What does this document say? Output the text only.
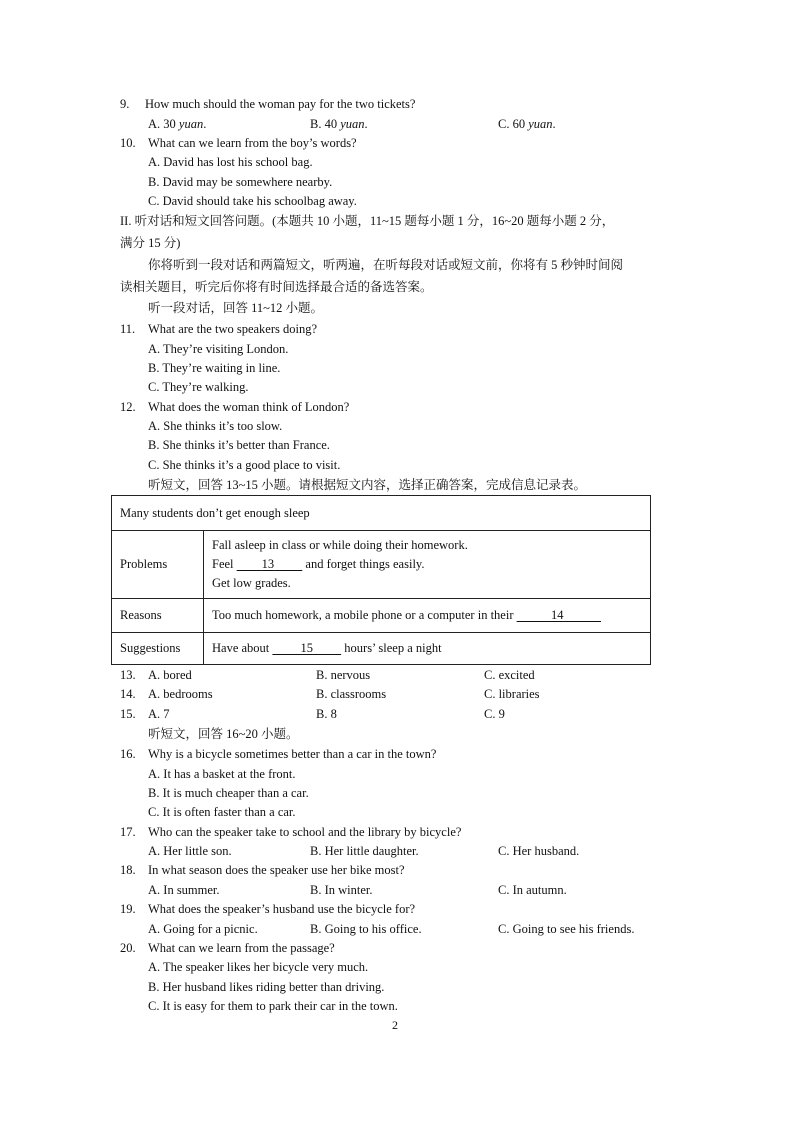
9. How much should the woman pay for the two tickets?
A. 30 yuan.	B. 40 yuan.	C. 60 yuan.
10. What can we learn from the boy’s words?
A. David has lost his school bag.
B. David may be somewhere nearby.
C. David should take his schoolbag away.
II. 听对话和短文回答问题。(本题共 10 小题，11~15 题每小题 1 分，16~20 题每小题 2 分，
满分 15 分)
你将听到一段对话和两篇短文，听两遍，在听每段对话或短文前，你将有 5 秒钟时间阅
读相关题目，听完后你将有时间选择最合适的备选答案。
听一段对话，回答 11~12 小题。
11. What are the two speakers doing?
A. They’re visiting London.
B. They’re waiting in line.
C. They’re walking.
12. What does the woman think of London?
A. She thinks it’s too slow.
B. She thinks it’s better than France.
C. She thinks it’s a good place to visit.
听短文，回答 13~15 小题。请根据短文内容，选择正确答案，完成信息记录表。
Many students don’t get enough sleep	
Problems	Fall asleep in class or while doing their homework.
Feel         13          and forget things easily.
Get low grades.

Reasons	Too much homework, a mobile phone or a computer in their 14
Suggestions	Have about          15          hours’ sleep a night
13. A. bored	B. nervous	C. excited
14. A. bedrooms	B. classrooms	C. libraries
15. A. 7	B. 8	C. 9
听短文，回答 16~20 小题。
16. Why is a bicycle sometimes better than a car in the town?
A. It has a basket at the front.
B. It is much cheaper than a car.
C. It is often faster than a car.
17. Who can the speaker take to school and the library by bicycle?
A. Her little son.	B. Her little daughter.	C. Her husband.
18. In what season does the speaker use her bike most?
A. In summer.	B. In winter.	C. In autumn.
19. What does the speaker’s husband use the bicycle for?
A. Going for a picnic.	B. Going to his office.	C. Going to see his friends.
20. What can we learn from the passage?
A. The speaker likes her bicycle very much.
B. Her husband likes riding better than driving.
C. It is easy for them to park their car in the town.
2
